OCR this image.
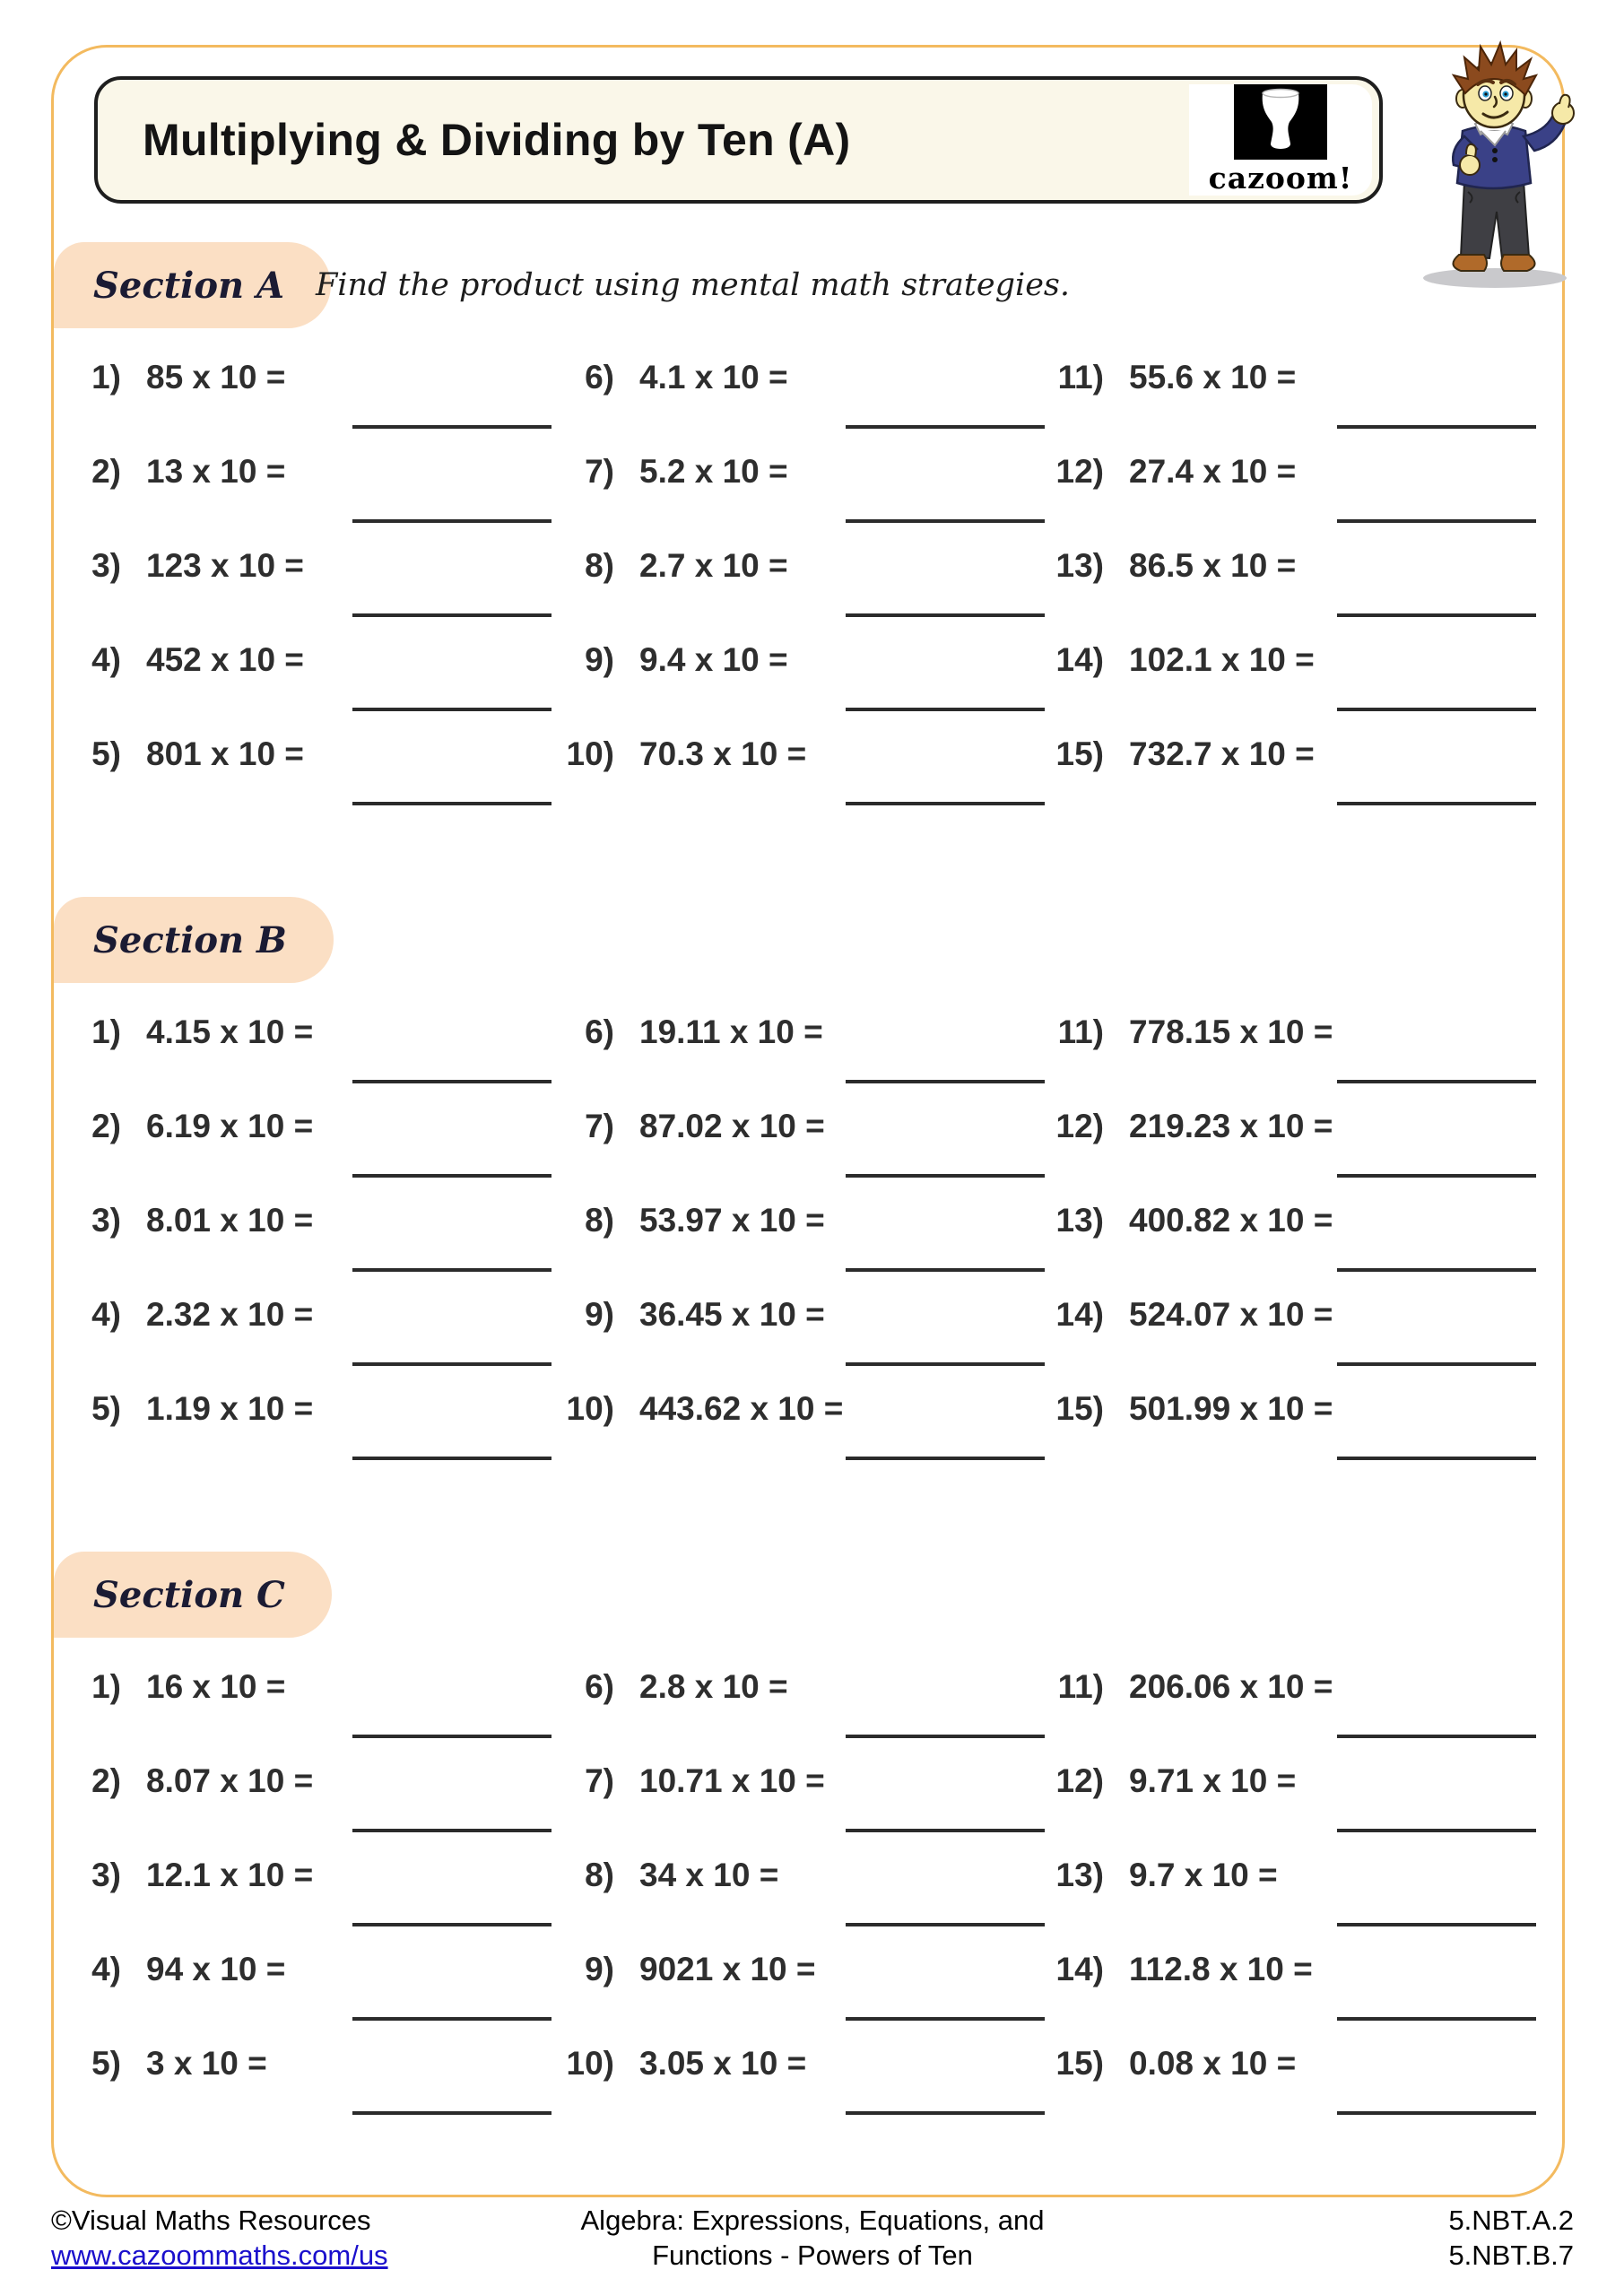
Multiplying & Dividing by Ten (A)
cazoom!
Section A Find the product using mental math strategies.
1) 85 x 10 =
2) 13 x 10 =
3) 123 x 10 =
4) 452 x 10 =
5) 801 x 10 =
6) 4.1 x 10 =
7) 5.2 x 10 =
8) 2.7 x 10 =
9) 9.4 x 10 =
10) 70.3 x 10 =
11) 55.6 x 10 =
12) 27.4 x 10 =
13) 86.5 x 10 =
14) 102.1 x 10 =
15) 732.7 x 10 =
Section B
1) 4.15 x 10 =
2) 6.19 x 10 =
3) 8.01 x 10 =
4) 2.32 x 10 =
5) 1.19 x 10 =
6) 19.11 x 10 =
7) 87.02 x 10 =
8) 53.97 x 10 =
9) 36.45 x 10 =
10) 443.62 x 10 =
11) 778.15 x 10 =
12) 219.23 x 10 =
13) 400.82 x 10 =
14) 524.07 x 10 =
15) 501.99 x 10 =
Section C
1) 16 x 10 =
2) 8.07 x 10 =
3) 12.1 x 10 =
4) 94 x 10 =
5) 3 x 10 =
6) 2.8 x 10 =
7) 10.71 x 10 =
8) 34 x 10 =
9) 9021 x 10 =
10) 3.05 x 10 =
11) 206.06 x 10 =
12) 9.71 x 10 =
13) 9.7 x 10 =
14) 112.8 x 10 =
15) 0.08 x 10 =
©Visual Maths Resources
www.cazoommaths.com/us
Algebra: Expressions, Equations, and
Functions - Powers of Ten
5.NBT.A.2
5.NBT.B.7
